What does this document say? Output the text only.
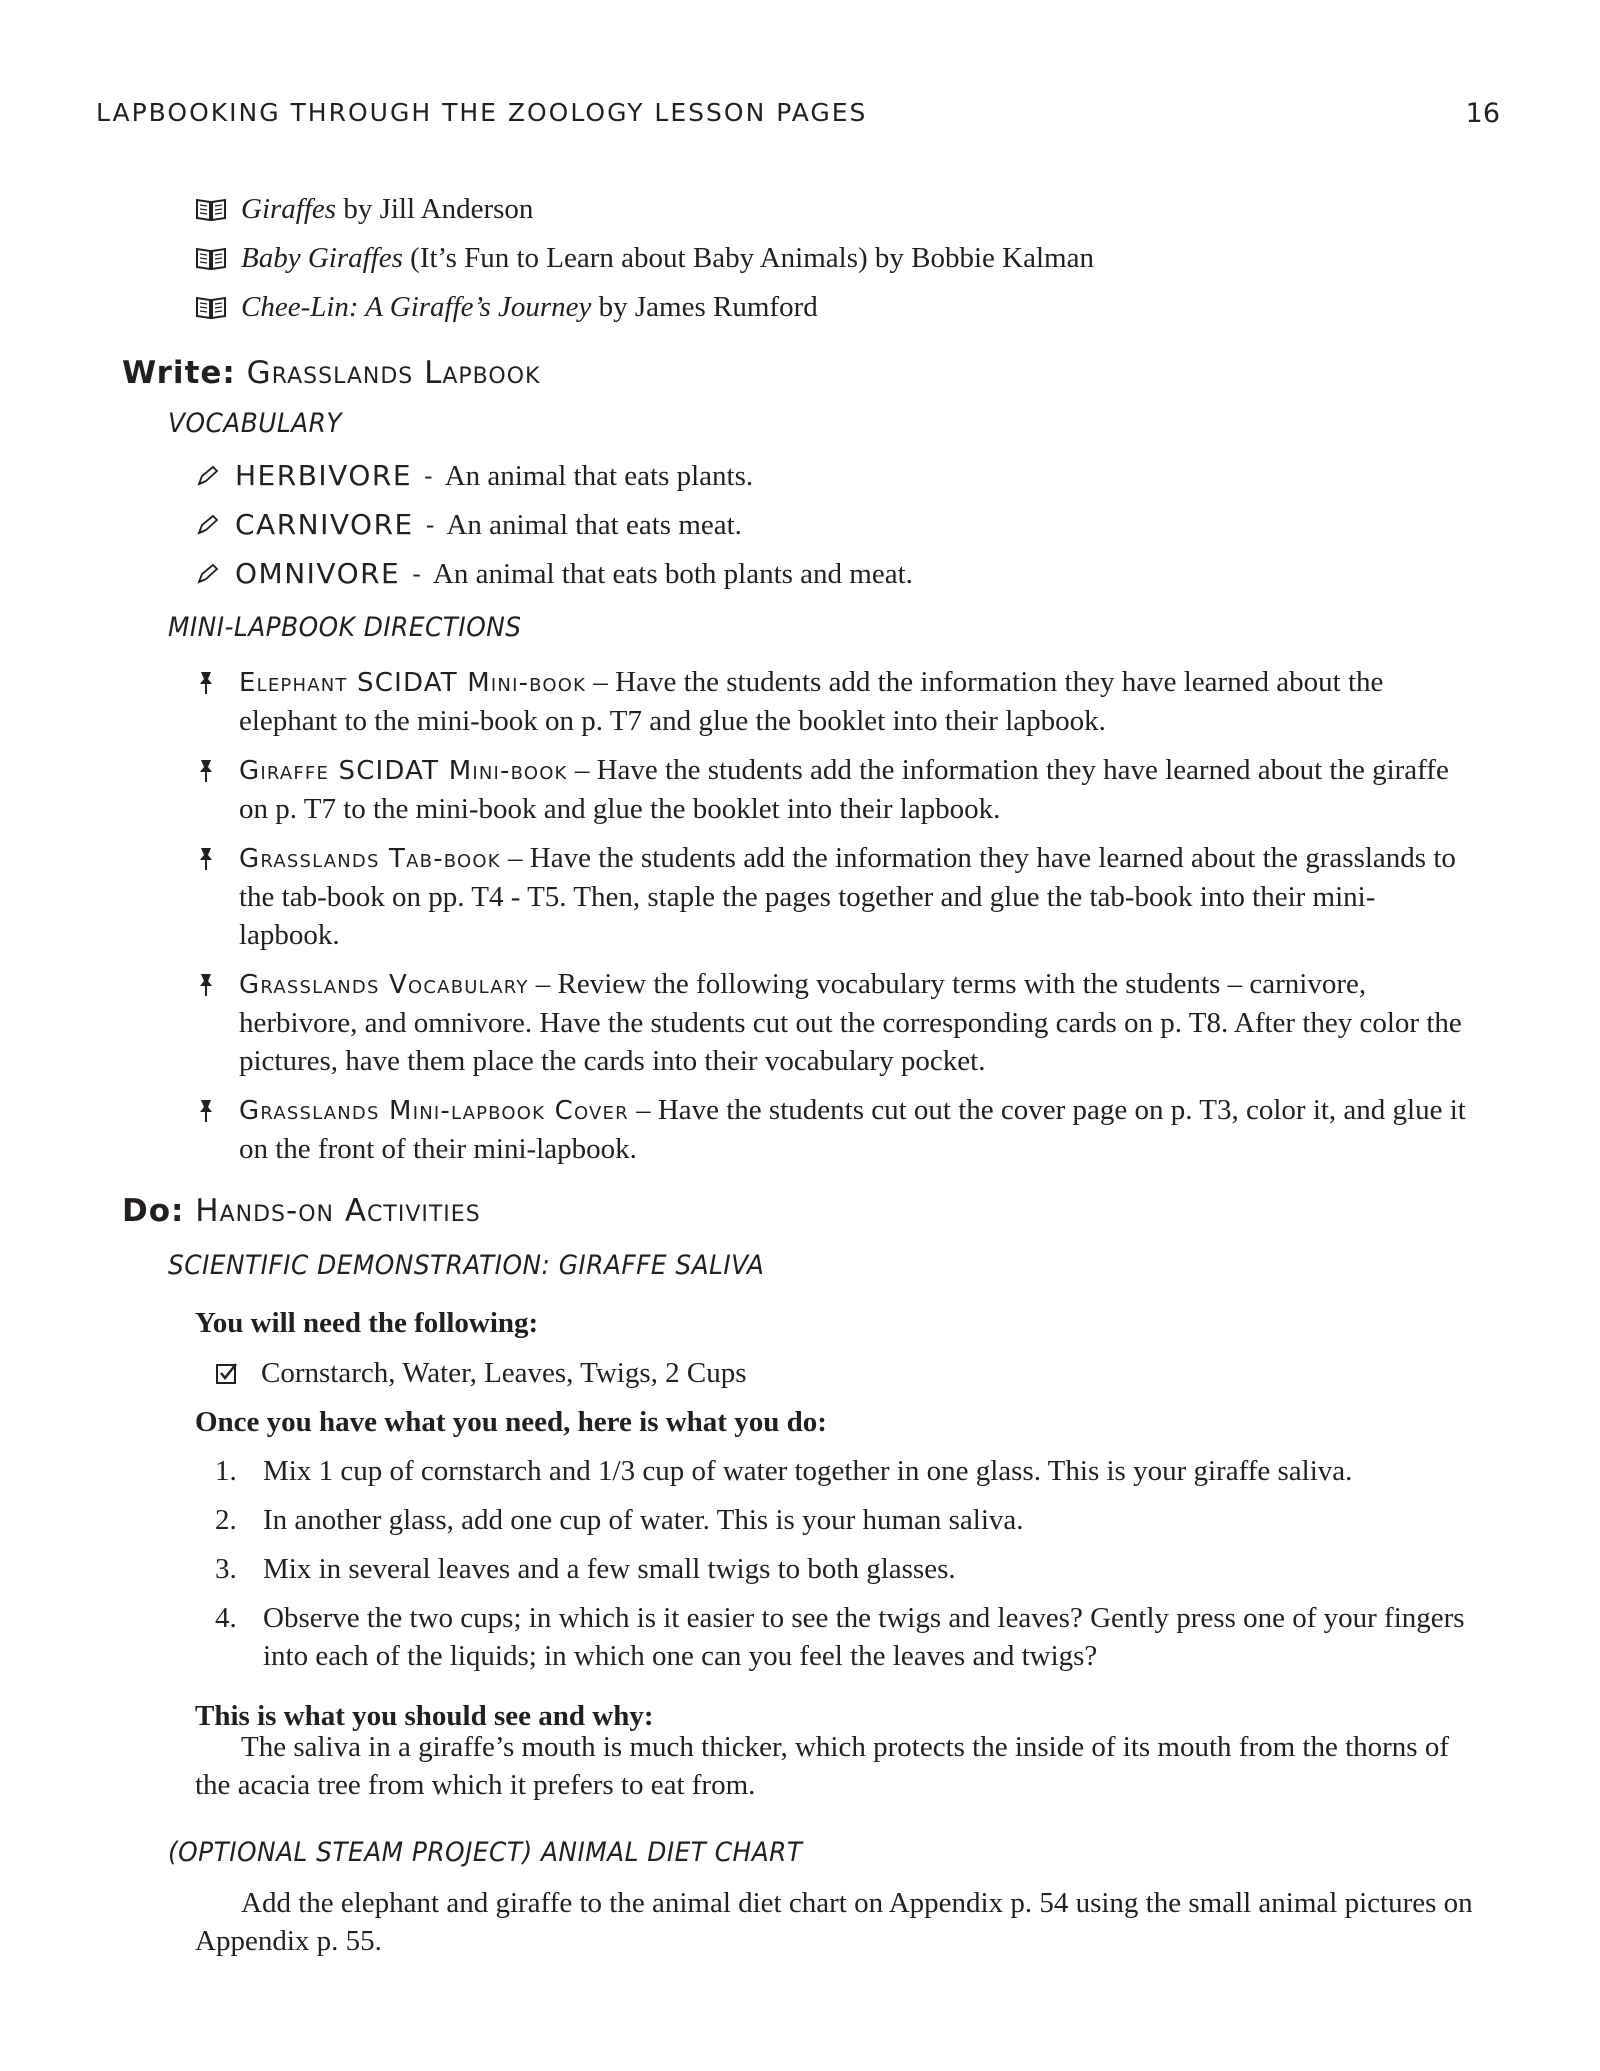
LAPBOOKING THROUGH THE ZOOLOGY LESSON PAGES	16
Giraffes by Jill Anderson
Baby Giraffes (It’s Fun to Learn about Baby Animals) by Bobbie Kalman
Chee-Lin: A Giraffe’s Journey by James Rumford
Write: Grasslands Lapbook
VOCABULARY
HERBIVORE - An animal that eats plants.
CARNIVORE - An animal that eats meat.
OMNIVORE - An animal that eats both plants and meat.
MINI-LAPBOOK DIRECTIONS
Elephant SCIDAT Mini-book – Have the students add the information they have learned about the elephant to the mini-book on p. T7 and glue the booklet into their lapbook.
Giraffe SCIDAT Mini-book – Have the students add the information they have learned about the giraffe on p. T7 to the mini-book and glue the booklet into their lapbook.
Grasslands Tab-book – Have the students add the information they have learned about the grasslands to the tab-book on pp. T4 - T5. Then, staple the pages together and glue the tab-book into their mini-lapbook.
Grasslands Vocabulary – Review the following vocabulary terms with the students – carnivore, herbivore, and omnivore. Have the students cut out the corresponding cards on p. T8. After they color the pictures, have them place the cards into their vocabulary pocket.
Grasslands Mini-lapbook Cover – Have the students cut out the cover page on p. T3, color it, and glue it on the front of their mini-lapbook.
Do: Hands-on Activities
SCIENTIFIC DEMONSTRATION: GIRAFFE SALIVA
You will need the following:
Cornstarch, Water, Leaves, Twigs, 2 Cups
Once you have what you need, here is what you do:
1. Mix 1 cup of cornstarch and 1/3 cup of water together in one glass. This is your giraffe saliva.
2. In another glass, add one cup of water. This is your human saliva.
3. Mix in several leaves and a few small twigs to both glasses.
4. Observe the two cups; in which is it easier to see the twigs and leaves? Gently press one of your fingers into each of the liquids; in which one can you feel the leaves and twigs?
This is what you should see and why:

The saliva in a giraffe’s mouth is much thicker, which protects the inside of its mouth from the thorns of the acacia tree from which it prefers to eat from.

(OPTIONAL STEAM PROJECT) ANIMAL DIET CHART

Add the elephant and giraffe to the animal diet chart on Appendix p. 54 using the small animal pictures on Appendix p. 55.
